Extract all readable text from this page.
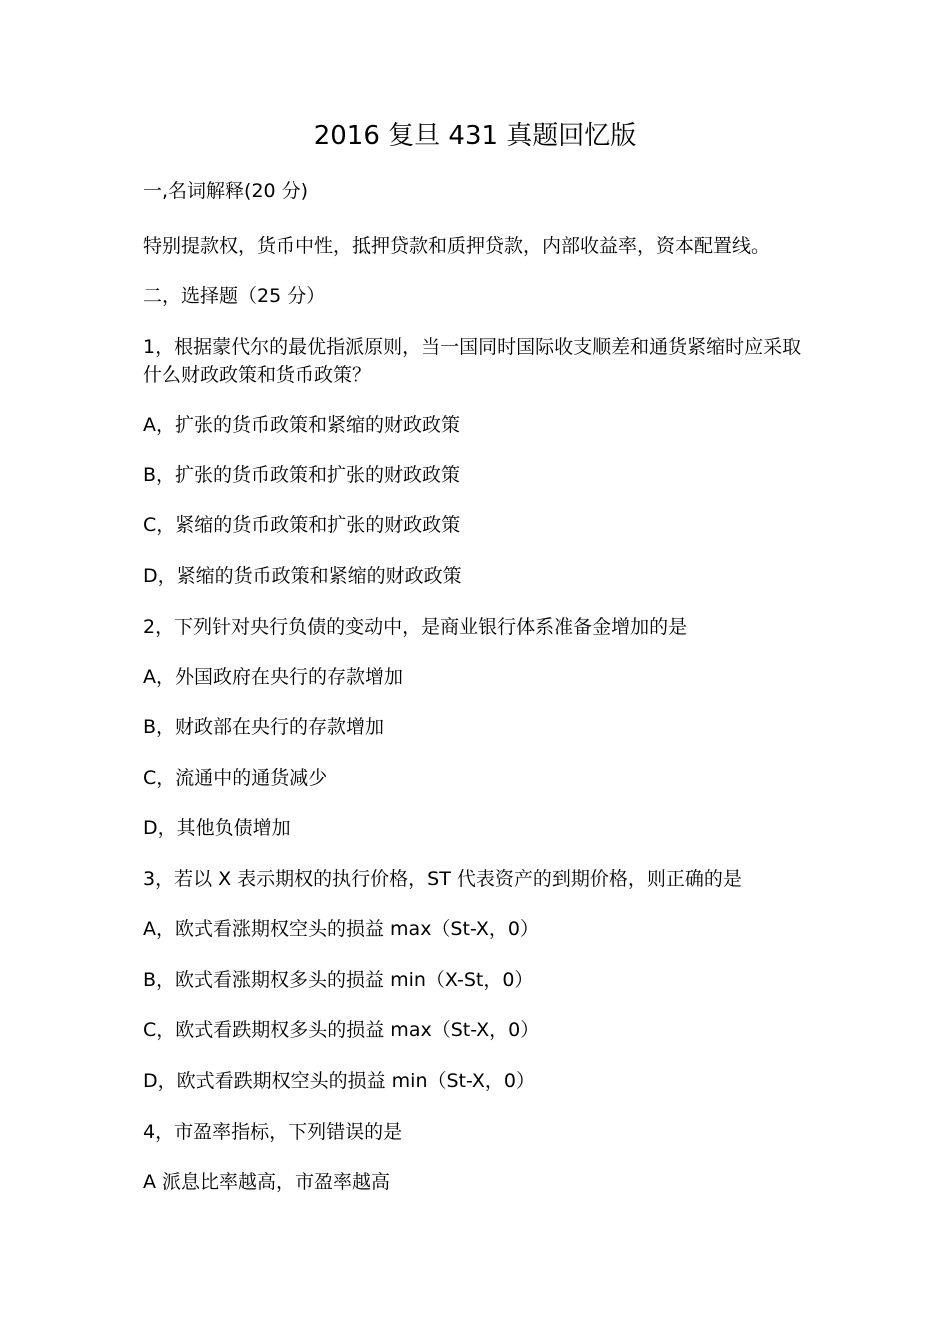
2016 复旦 431 真题回忆版
一,名词解释(20 分)
特别提款权，货币中性，抵押贷款和质押贷款，内部收益率，资本配置线。
二，选择题（25 分）
1，根据蒙代尔的最优指派原则，当一国同时国际收支顺差和通货紧缩时应采取
什么财政政策和货币政策？
A，扩张的货币政策和紧缩的财政政策
B，扩张的货币政策和扩张的财政政策
C，紧缩的货币政策和扩张的财政政策
D，紧缩的货币政策和紧缩的财政政策
2，下列针对央行负债的变动中，是商业银行体系准备金增加的是
A，外国政府在央行的存款增加
B，财政部在央行的存款增加
C，流通中的通货减少
D，其他负债增加
3，若以 X 表示期权的执行价格，ST 代表资产的到期价格，则正确的是
A，欧式看涨期权空头的损益 max（St-X，0）
B，欧式看涨期权多头的损益 min（X-St，0）
C，欧式看跌期权多头的损益 max（St-X，0）
D，欧式看跌期权空头的损益 min（St-X，0）
4，市盈率指标，下列错误的是
A 派息比率越高，市盈率越高
